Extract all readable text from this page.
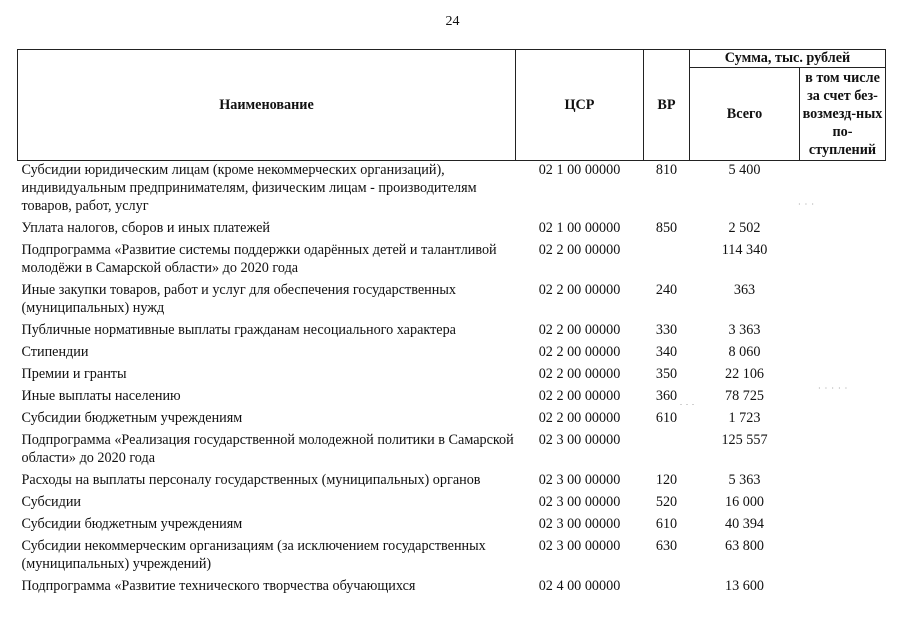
24
Наименование	ЦСР	ВР	Сумма, тыс. рублей	
			Всего	в том числе за счет без-возмезд-ных по-ступлений
Субсидии юридическим лицам (кроме некоммерческих организаций), индивидуальным предпринимателям, физическим лицам - производителям товаров, работ, услуг	02 1 00 00000	810	5 400	
Уплата налогов, сборов и иных платежей	02 1 00 00000	850	2 502	
Подпрограмма «Развитие системы поддержки одарённых детей и талантливой молодёжи в Самарской области» до 2020 года	02 2 00 00000		114 340	
Иные закупки товаров, работ и услуг для обеспечения государственных (муниципальных) нужд	02 2 00 00000	240	363	
Публичные нормативные выплаты гражданам несоциального характера	02 2 00 00000	330	3 363	
Стипендии	02 2 00 00000	340	8 060	
Премии и гранты	02 2 00 00000	350	22 106	
Иные выплаты населению	02 2 00 00000	360	78 725	
Субсидии бюджетным учреждениям	02 2 00 00000	610	1 723	
Подпрограмма «Реализация государственной молодежной политики в Самарской области» до 2020 года	02 3 00 00000		125 557	
Расходы на выплаты персоналу государственных (муниципальных) органов	02 3 00 00000	120	5 363	
Субсидии	02 3 00 00000	520	16 000	
Субсидии бюджетным учреждениям	02 3 00 00000	610	40 394	
Субсидии некоммерческим организациям (за исключением государственных (муниципальных) учреждений)	02 3 00 00000	630	63 800	
Подпрограмма «Развитие технического творчества обучающихся	02 4 00 00000		13 600	
· · ·
· · · · ·
. . .
